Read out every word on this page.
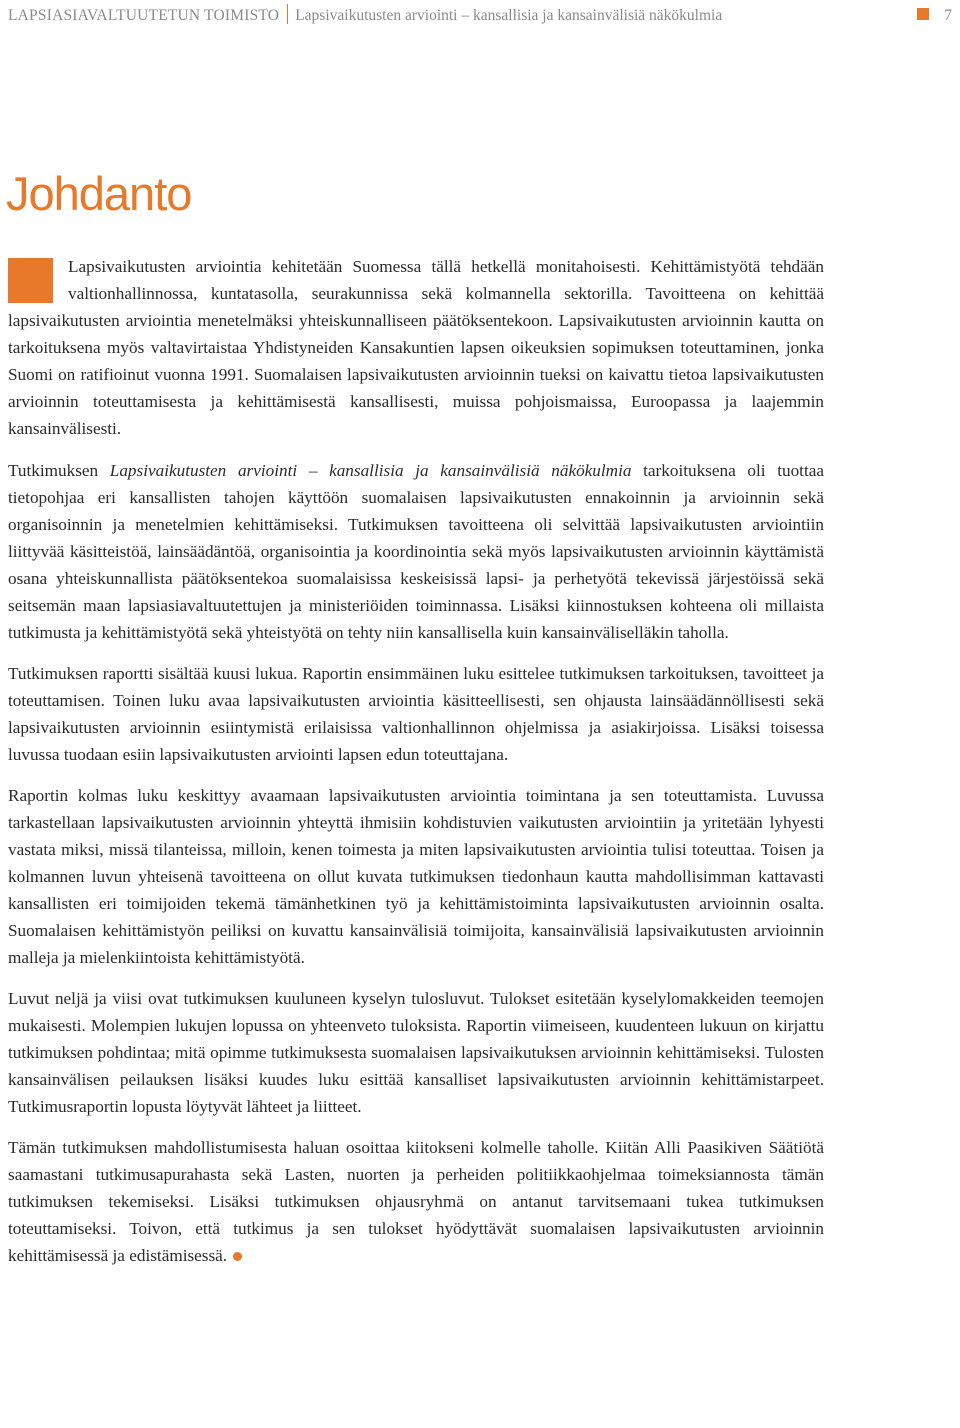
LAPSIASIAVALTUUTETUN TOIMISTO Lapsivaikutusten arviointi – kansallisia ja kansainvälisiä näkökulmia	7
Johdanto

Lapsivaikutusten arviointia kehitetään Suomessa tällä hetkellä monitahoisesti. Kehittämistyötä tehdään valtionhallinnossa, kuntatasolla, seurakunnissa sekä kolmannella sektorilla. Tavoitteena on kehittää lapsivaikutusten arviointia menetelmäksi yhteiskunnalliseen päätöksentekoon. Lapsivaikutusten arvioinnin kautta on tarkoituksena myös valtavirtaistaa Yhdistyneiden Kansakuntien lapsen oikeuksien sopimuksen toteuttaminen, jonka Suomi on ratifioinut vuonna 1991. Suomalaisen lapsivaikutusten arvioinnin tueksi on kaivattu tietoa lapsivaikutusten arvioinnin toteuttamisesta ja kehittämisestä kansallisesti, muissa pohjoismaissa, Euroopassa ja laajemmin kansainvälisesti.

Tutkimuksen Lapsivaikutusten arviointi – kansallisia ja kansainvälisiä näkökulmia tarkoituksena oli tuottaa tietopohjaa eri kansallisten tahojen käyttöön suomalaisen lapsivaikutusten ennakoinnin ja arvioinnin sekä organisoinnin ja menetelmien kehittämiseksi. Tutkimuksen tavoitteena oli selvittää lapsivaikutusten arviointiin liittyvää käsitteistöä, lainsäädäntöä, organisointia ja koordinointia sekä myös lapsivaikutusten arvioinnin käyttämistä osana yhteiskunnallista päätöksentekoa suomalaisissa keskeisissä lapsi- ja perhetyötä tekevissä järjestöissä sekä seitsemän maan lapsiasiavaltuutettujen ja ministeriöiden toiminnassa. Lisäksi kiinnostuksen kohteena oli millaista tutkimusta ja kehittämistyötä sekä yhteistyötä on tehty niin kansallisella kuin kansainväliselläkin taholla.

Tutkimuksen raportti sisältää kuusi lukua. Raportin ensimmäinen luku esittelee tutkimuksen tarkoituksen, tavoitteet ja toteuttamisen. Toinen luku avaa lapsivaikutusten arviointia käsitteellisesti, sen ohjausta lainsäädännöllisesti sekä lapsivaikutusten arvioinnin esiintymistä erilaisissa valtionhallinnon ohjelmissa ja asiakirjoissa. Lisäksi toisessa luvussa tuodaan esiin lapsivaikutusten arviointi lapsen edun toteuttajana.

Raportin kolmas luku keskittyy avaamaan lapsivaikutusten arviointia toimintana ja sen toteuttamista. Luvussa tarkastellaan lapsivaikutusten arvioinnin yhteyttä ihmisiin kohdistuvien vaikutusten arviointiin ja yritetään lyhyesti vastata miksi, missä tilanteissa, milloin, kenen toimesta ja miten lapsivaikutusten arviointia tulisi toteuttaa. Toisen ja kolmannen luvun yhteisenä tavoitteena on ollut kuvata tutkimuksen tiedonhaun kautta mahdollisimman kattavasti kansallisten eri toimijoiden tekemä tämänhetkinen työ ja kehittämistoiminta lapsivaikutusten arvioinnin osalta. Suomalaisen kehittämistyön peiliksi on kuvattu kansainvälisiä toimijoita, kansainvälisiä lapsivaikutusten arvioinnin malleja ja mielenkiintoista kehittämistyötä.

Luvut neljä ja viisi ovat tutkimuksen kuuluneen kyselyn tulosluvut. Tulokset esitetään kyselylomakkeiden teemojen mukaisesti. Molempien lukujen lopussa on yhteenveto tuloksista. Raportin viimeiseen, kuudenteen lukuun on kirjattu tutkimuksen pohdintaa; mitä opimme tutkimuksesta suomalaisen lapsivaikutuksen arvioinnin kehittämiseksi. Tulosten kansainvälisen peilauksen lisäksi kuudes luku esittää kansalliset lapsivaikutusten arvioinnin kehittämistarpeet. Tutkimusraportin lopusta löytyvät lähteet ja liitteet.

Tämän tutkimuksen mahdollistumisesta haluan osoittaa kiitokseni kolmelle taholle. Kiitän Alli Paasikiven Säätiötä saamastani tutkimusapurahasta sekä Lasten, nuorten ja perheiden politiikkaohjelmaa toimeksiannosta tämän tutkimuksen tekemiseksi. Lisäksi tutkimuksen ohjausryhmä on antanut tarvitsemaani tukea tutkimuksen toteuttamiseksi. Toivon, että tutkimus ja sen tulokset hyödyttävät suomalaisen lapsivaikutusten arvioinnin kehittämisessä ja edistämisessä.
